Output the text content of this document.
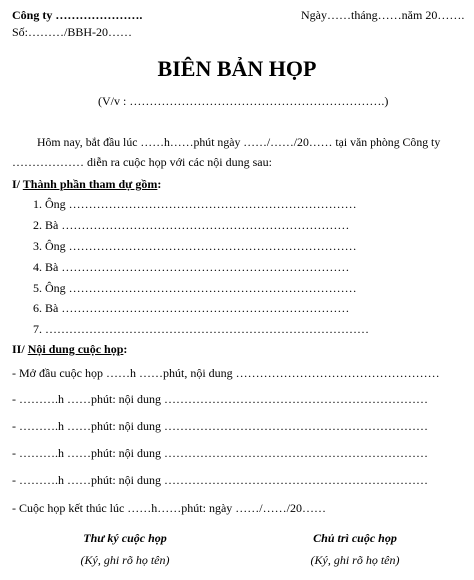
Công ty ………………….	Ngày……tháng……năm 20…….
Số:………/BBH-20……
BIÊN BẢN HỌP
(V/v : ……………………………………………………….)
Hôm nay, bắt đầu lúc ……h……phút ngày ……/……/20…… tại văn phòng Công ty
……………… diễn ra cuộc họp với các nội dung sau:
I/ Thành phần tham dự gồm:
1. Ông ………………………………………………………………
2. Bà ………………………………………………………………
3. Ông ………………………………………………………………
4. Bà ………………………………………………………………
5. Ông ………………………………………………………………
6. Bà ………………………………………………………………
7. ………………………………………………………………………
II/ Nội dung cuộc họp:
- Mở đầu cuộc họp ……h ……phút, nội dung ……………………………………………
- ……….h ……phút: nội dung …………………………………………………………
- ……….h ……phút: nội dung …………………………………………………………
- ……….h ……phút: nội dung …………………………………………………………
- ……….h ……phút: nội dung …………………………………………………………
- Cuộc họp kết thúc lúc ……h……phút: ngày ……/……/20……
Thư ký cuộc họp
(Ký, ghi rõ họ tên)
Chủ trì cuộc họp
(Ký, ghi rõ họ tên)
